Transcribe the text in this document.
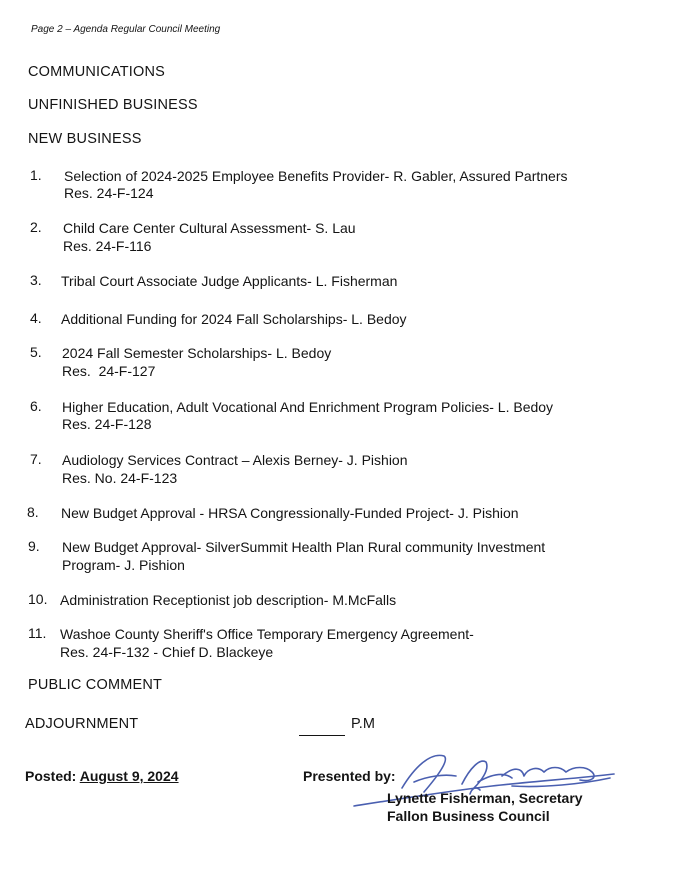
Page 2 – Agenda Regular Council Meeting
COMMUNICATIONS
UNFINISHED BUSINESS
NEW BUSINESS
1. Selection of 2024-2025 Employee Benefits Provider- R. Gabler, Assured Partners
Res. 24-F-124
2. Child Care Center Cultural Assessment- S. Lau
Res. 24-F-116
3. Tribal Court Associate Judge Applicants- L. Fisherman
4. Additional Funding for 2024 Fall Scholarships- L. Bedoy
5. 2024 Fall Semester Scholarships- L. Bedoy
Res.  24-F-127
6. Higher Education, Adult Vocational And Enrichment Program Policies- L. Bedoy
Res. 24-F-128
7. Audiology Services Contract – Alexis Berney- J. Pishion
Res. No. 24-F-123
8. New Budget Approval - HRSA Congressionally-Funded Project- J. Pishion
9. New Budget Approval- SilverSummit Health Plan Rural community Investment
Program- J. Pishion
10. Administration Receptionist job description- M.McFalls
11. Washoe County Sheriff's Office Temporary Emergency Agreement-
Res. 24-F-132 - Chief D. Blackeye
PUBLIC COMMENT
ADJOURNMENT	P.M
Posted: August 9, 2024	Presented by:
Lynette Fisherman, Secretary
Fallon Business Council
